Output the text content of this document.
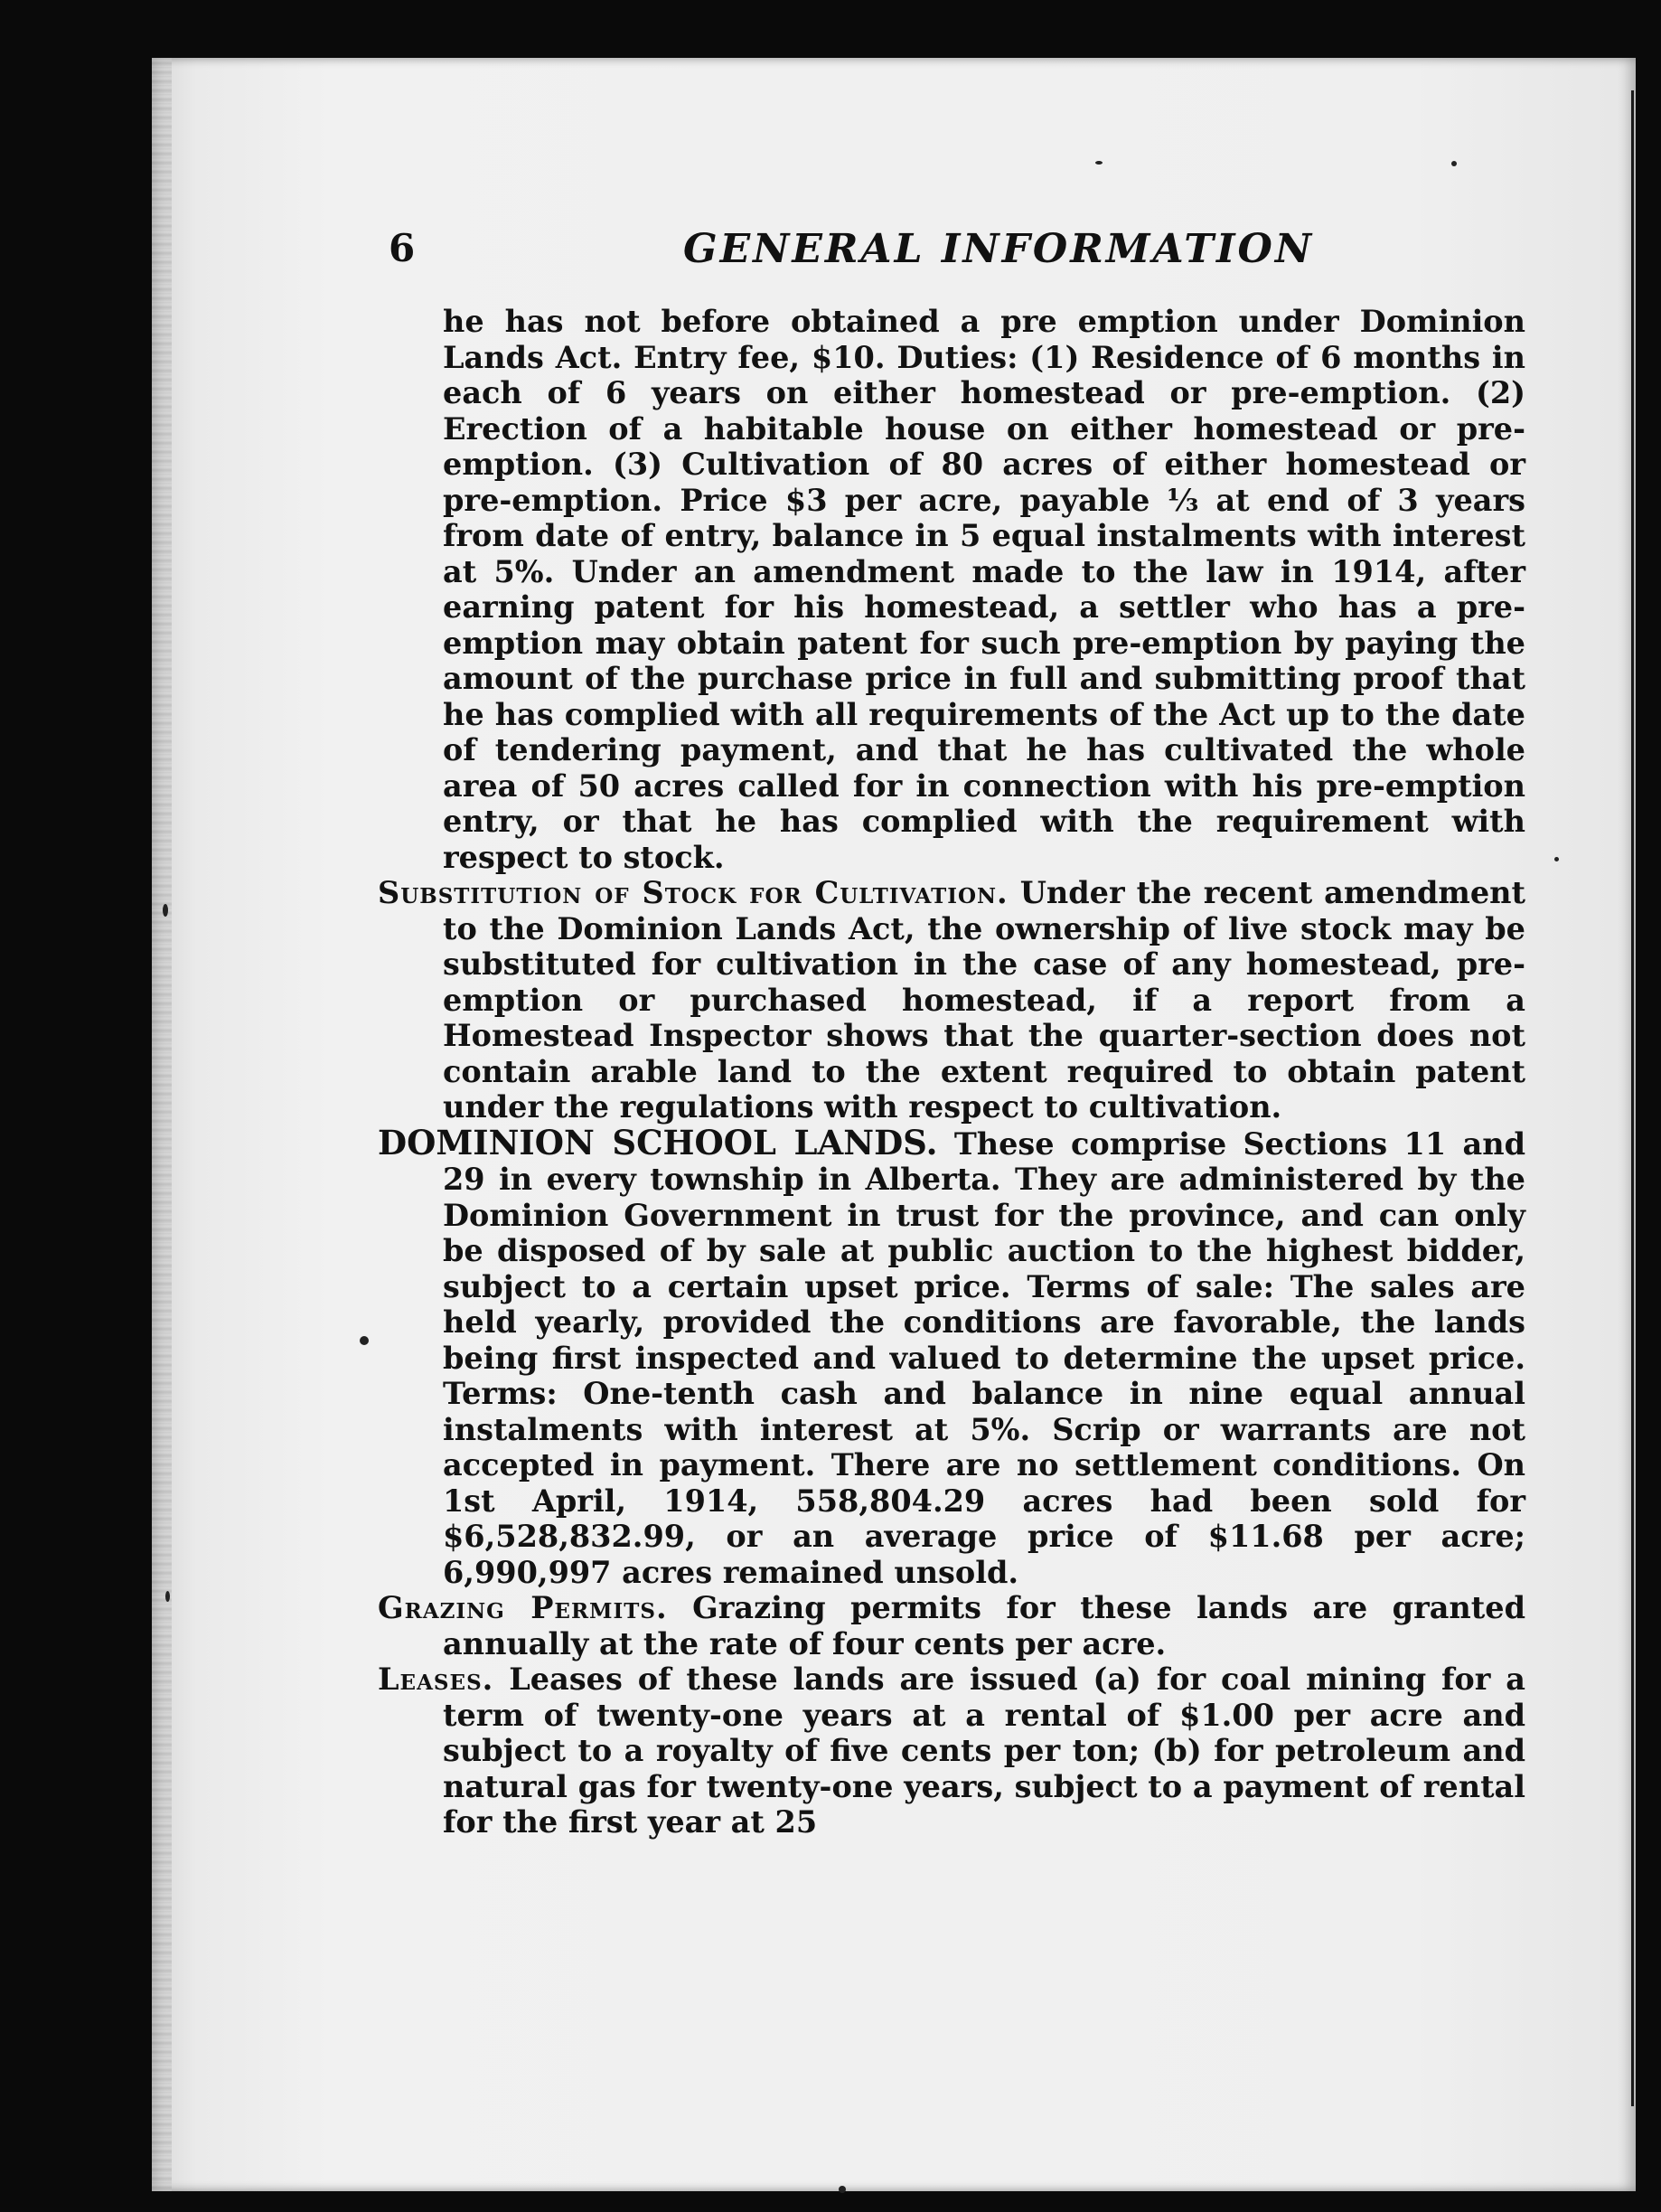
6	GENERAL INFORMATION

he has not before obtained a pre emption under Dominion Lands Act. Entry fee, $10. Duties: (1) Residence of 6 months in each of 6 years on either homestead or pre-emption. (2) Erection of a habitable house on either homestead or pre-emption. (3) Cultivation of 80 acres of either homestead or pre-emption. Price $3 per acre, payable ⅓ at end of 3 years from date of entry, balance in 5 equal instalments with interest at 5%. Under an amendment made to the law in 1914, after earning patent for his homestead, a settler who has a pre-emption may obtain patent for such pre-emption by paying the amount of the purchase price in full and submitting proof that he has complied with all requirements of the Act up to the date of tendering payment, and that he has cultivated the whole area of 50 acres called for in connection with his pre-emption entry, or that he has complied with the requirement with respect to stock.

Substitution of Stock for Cultivation. Under the recent amendment to the Dominion Lands Act, the ownership of live stock may be substituted for cultivation in the case of any homestead, pre-emption or purchased homestead, if a report from a Homestead Inspector shows that the quarter-section does not contain arable land to the extent required to obtain patent under the regulations with respect to cultivation.

DOMINION SCHOOL LANDS. These comprise Sections 11 and 29 in every township in Alberta. They are administered by the Dominion Government in trust for the province, and can only be disposed of by sale at public auction to the highest bidder, subject to a certain upset price. Terms of sale: The sales are held yearly, provided the conditions are favorable, the lands being first inspected and valued to determine the upset price. Terms: One-tenth cash and balance in nine equal annual instalments with interest at 5%. Scrip or warrants are not accepted in payment. There are no settlement conditions. On 1st April, 1914, 558,804.29 acres had been sold for $6,528,832.99, or an average price of $11.68 per acre; 6,990,997 acres remained unsold.

Grazing Permits. Grazing permits for these lands are granted annually at the rate of four cents per acre.

Leases. Leases of these lands are issued (a) for coal mining for a term of twenty-one years at a rental of $1.00 per acre and subject to a royalty of five cents per ton; (b) for petroleum and natural gas for twenty-one years, subject to a payment of rental for the first year at 25
